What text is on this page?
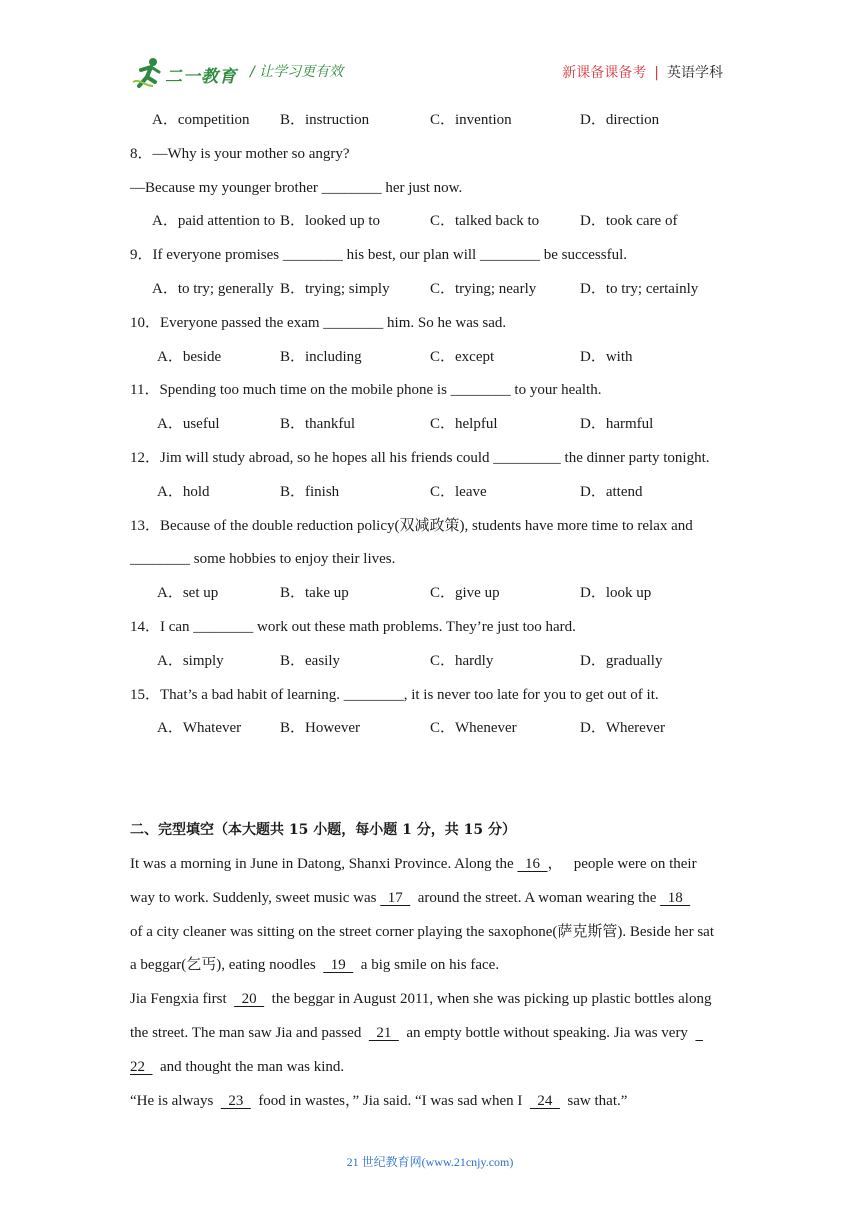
二一教育 / 让学习更有效	新课备课备考 | 英语学科
A．competition B．instruction	C．invention	D．direction
8．—Why is your mother so angry?
—Because my younger brother ________ her just now.
A．paid attention to B．looked up to	C．talked back to	D．took care of
9．If everyone promises ________ his best, our plan will ________ be successful.
A．to try; generally B．trying; simply	C．trying; nearly	D．to try; certainly
10．Everyone passed the exam ________ him. So he was sad.
A．beside	B．including	C．except	D．with
11．Spending too much time on the mobile phone is ________ to your health.
A．useful	B．thankful	C．helpful	D．harmful
12．Jim will study abroad, so he hopes all his friends could _________ the dinner party tonight.
A．hold	B．finish	C．leave	D．attend
13．Because of the double reduction policy(双减政策), students have more time to relax and
________ some hobbies to enjoy their lives.
A．set up	B．take up	C．give up	D．look up
14．I can ________ work out these math problems. They’re just too hard.
A．simply	B．easily	C．hardly	D．gradually
15．That’s a bad habit of learning. ________, it is never too late for you to get out of it.
A．Whatever	B．However	C．Whenever	D．Wherever
二、完型填空（本大题共 15 小题，每小题 1 分，共 15 分）
It was a morning in June in Datong, Shanxi Province. Along the   16  ，   people were on their
way to work. Suddenly, sweet music was   17    around the street. A woman wearing the   18
of a city cleaner was sitting on the street corner playing the saxophone(萨克斯管). Beside her sat
a beggar(乞丐), eating noodles    19    a big smile on his face.
Jia Fengxia first    20    the beggar in August 2011, when she was picking up plastic bottles along
the street. The man saw Jia and passed    21    an empty bottle without speaking. Jia was very
22    and thought the man was kind.
“He is always    23    food in wastes，” Jia said. “I was sad when I    24    saw that.”
21 世纪教育网(www.21cnjy.com)
